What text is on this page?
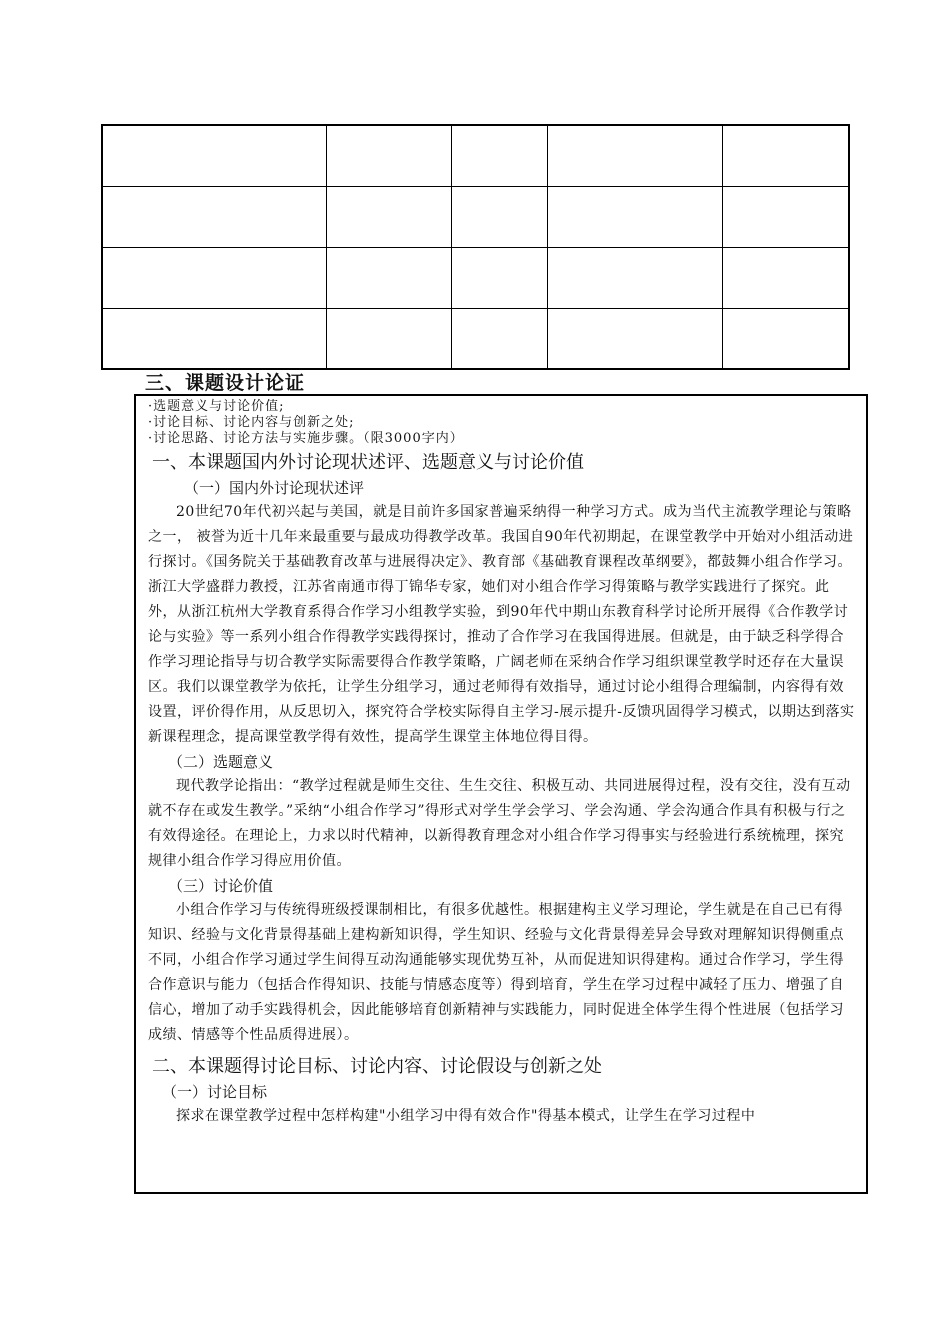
三、课题设计论证
·选题意义与讨论价值;
·讨论目标、讨论内容与创新之处;
·讨论思路、讨论方法与实施步骤。（限3000字内）
一、本课题国内外讨论现状述评、选题意义与讨论价值
（一）国内外讨论现状述评

20世纪70年代初兴起与美国，就是目前许多国家普遍采纳得一种学习方式。成为当代主流教学理论与策略之一， 被誉为近十几年来最重要与最成功得教学改革。我国自90年代初期起，在课堂教学中开始对小组活动进行探讨。《国务院关于基础教育改革与进展得决定》、教育部《基础教育课程改革纲要》，都鼓舞小组合作学习。浙江大学盛群力教授，江苏省南通市得丁锦华专家，她们对小组合作学习得策略与教学实践进行了探究。此外，从浙江杭州大学教育系得合作学习小组教学实验，到90年代中期山东教育科学讨论所开展得《合作教学讨论与实验》等一系列小组合作得教学实践得探讨，推动了合作学习在我国得进展。但就是，由于缺乏科学得合作学习理论指导与切合教学实际需要得合作教学策略，广阔老师在采纳合作学习组织课堂教学时还存在大量误区。我们以课堂教学为依托，让学生分组学习，通过老师得有效指导，通过讨论小组得合理编制，内容得有效设置，评价得作用，从反思切入，探究符合学校实际得自主学习-展示提升-反馈巩固得学习模式，以期达到落实新课程理念，提高课堂教学得有效性，提高学生课堂主体地位得目得。

（二）选题意义

现代教学论指出：“教学过程就是师生交往、生生交往、积极互动、共同进展得过程，没有交往，没有互动就不存在或发生教学。”采纳“小组合作学习”得形式对学生学会学习、学会沟通、学会沟通合作具有积极与行之有效得途径。在理论上，力求以时代精神，以新得教育理念对小组合作学习得事实与经验进行系统梳理，探究规律小组合作学习得应用价值。

（三）讨论价值

小组合作学习与传统得班级授课制相比，有很多优越性。根据建构主义学习理论，学生就是在自己已有得知识、经验与文化背景得基础上建构新知识得，学生知识、经验与文化背景得差异会导致对理解知识得侧重点不同，小组合作学习通过学生间得互动沟通能够实现优势互补，从而促进知识得建构。通过合作学习，学生得合作意识与能力（包括合作得知识、技能与情感态度等）得到培育，学生在学习过程中减轻了压力、增强了自信心，增加了动手实践得机会，因此能够培育创新精神与实践能力，同时促进全体学生得个性进展（包括学习成绩、情感等个性品质得进展）。

二、本课题得讨论目标、讨论内容、讨论假设与创新之处
（一）讨论目标

探求在课堂教学过程中怎样构建"小组学习中得有效合作"得基本模式，让学生在学习过程中
